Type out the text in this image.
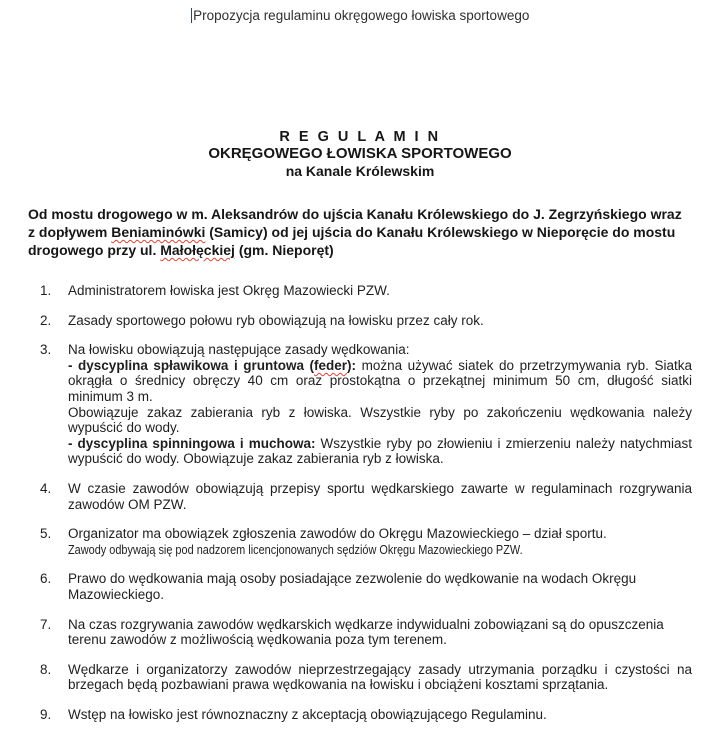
Propozycja regulaminu okręgowego łowiska sportowego
R E G U L A M I N
OKRĘGOWEGO ŁOWISKA SPORTOWEGO
na Kanale Królewskim

Od mostu drogowego w m. Aleksandrów do ujścia Kanału Królewskiego do J. Zegrzyńskiego wraz z dopływem Beniaminówki (Samicy) od jej ujścia do Kanału Królewskiego w Nieporęcie do mostu drogowego przy ul. Małołęckiej (gm. Nieporęt)

1.	Administratorem łowiska jest Okręg Mazowiecki PZW.

2.	Zasady sportowego połowu ryb obowiązują na łowisku przez cały rok.

3.	Na łowisku obowiązują następujące zasady wędkowania:

- dyscyplina spławikowa i gruntowa (feder): można używać siatek do przetrzymywania ryb. Siatka okrągła o średnicy obręczy 40 cm oraz prostokątna o przekątnej minimum 50 cm, długość siatki minimum 3 m.

Obowiązuje zakaz zabierania ryb z łowiska. Wszystkie ryby po zakończeniu wędkowania należy wypuścić do wody.

- dyscyplina spinningowa i muchowa: Wszystkie ryby po złowieniu i zmierzeniu należy natychmiast wypuścić do wody. Obowiązuje zakaz zabierania ryb z łowiska.

4.	W czasie zawodów obowiązują przepisy sportu wędkarskiego zawarte w regulaminach rozgrywania zawodów OM PZW.

5.	Organizator ma obowiązek zgłoszenia zawodów do Okręgu Mazowieckiego – dział sportu.

Zawody odbywają się pod nadzorem licencjonowanych sędziów Okręgu Mazowieckiego PZW.

6.	Prawo do wędkowania mają osoby posiadające zezwolenie do wędkowanie na wodach Okręgu Mazowieckiego.

7.	Na czas rozgrywania zawodów wędkarskich wędkarze indywidualni zobowiązani są do opuszczenia terenu zawodów z możliwością wędkowania poza tym terenem.

8.	Wędkarze i organizatorzy zawodów nieprzestrzegający zasady utrzymania porządku i czystości na brzegach będą pozbawiani prawa wędkowania na łowisku i obciążeni kosztami sprzątania.

9.	Wstęp na łowisko jest równoznaczny z akceptacją obowiązującego Regulaminu.
